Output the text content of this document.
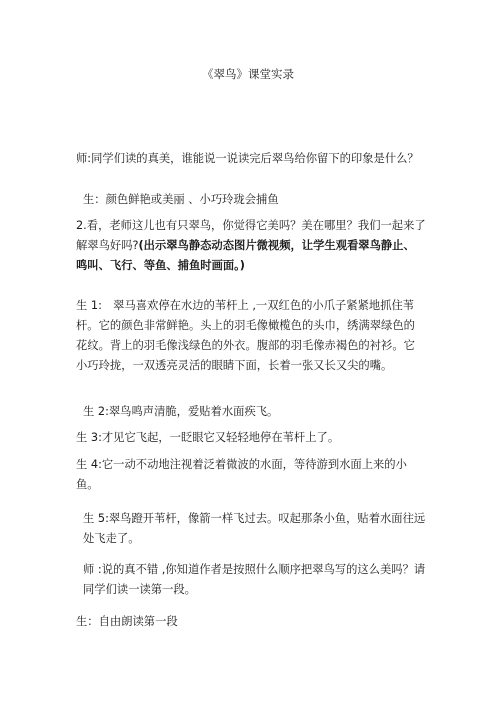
《翠鸟》课堂实录

师:同学们读的真美，谁能说一说读完后翠鸟给你留下的印象是什么？

生：颜色鲜艳或美丽 、小巧玲珑会捕鱼

2.看，老师这儿也有只翠鸟，你觉得它美吗？美在哪里？我们一起来了解翠鸟好吗?(出示翠鸟静态动态图片微视频，让学生观看翠鸟静止、鸣叫、飞行、等鱼、捕鱼时画面。)

生 1:　翠马喜欢停在水边的苇杆上 ,一双红色的小爪子紧紧地抓住苇杆。它的颜色非常鲜艳。头上的羽毛像橄榄色的头巾，绣满翠绿色的花纹。背上的羽毛像浅绿色的外衣。腹部的羽毛像赤褐色的衬衫。它小巧玲拢，一双透亮灵活的眼睛下面，长着一张又长又尖的嘴。

生 2:翠鸟鸣声清脆，爱贴着水面疾飞。

生 3:才见它飞起，一眨眼它又轻轻地停在苇杆上了。

生 4:它一动不动地注视着泛着微波的水面，等待游到水面上来的小鱼。

生 5:翠鸟蹬开苇杆，像箭一样飞过去。叹起那条小鱼，贴着水面往远处飞走了。

师 :说的真不错 ,你知道作者是按照什么顺序把翠鸟写的这么美吗？请同学们读一读第一段。

生：自由朗读第一段
